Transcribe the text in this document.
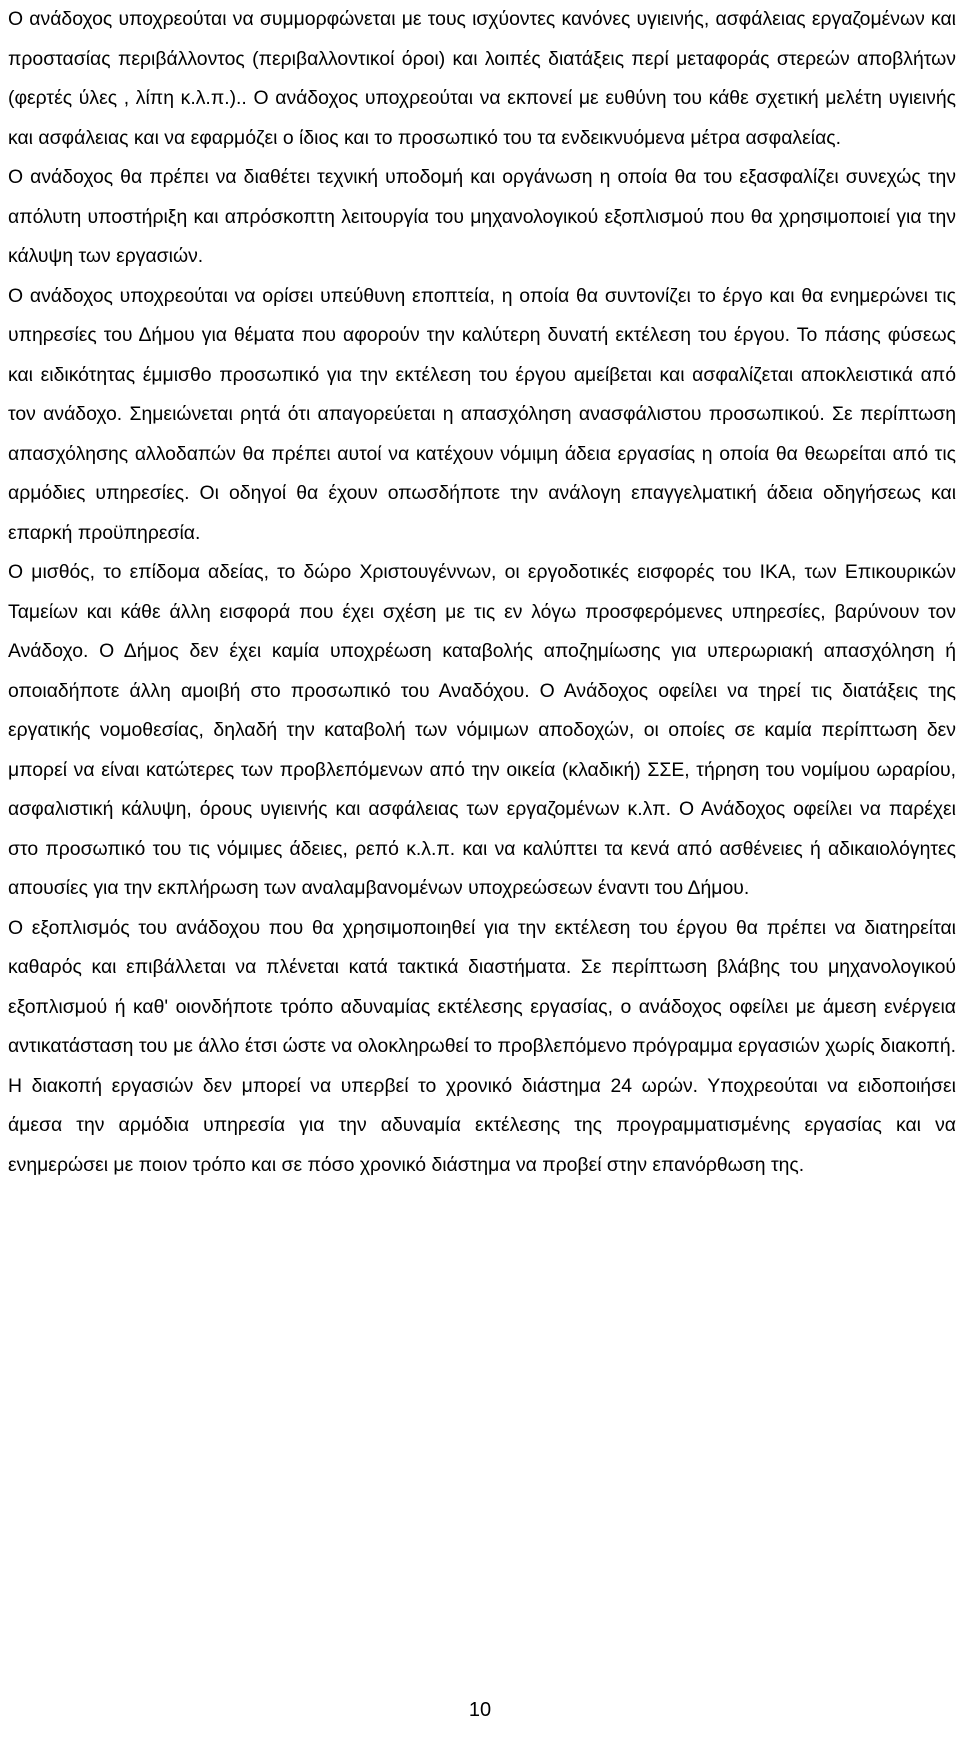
Ο ανάδοχος υποχρεούται να συμμορφώνεται με τους ισχύοντες κανόνες υγιεινής, ασφάλειας εργαζομένων και προστασίας περιβάλλοντος (περιβαλλοντικοί όροι) και λοιπές διατάξεις περί μεταφοράς στερεών αποβλήτων (φερτές ύλες , λίπη κ.λ.π.).. Ο ανάδοχος υποχρεούται να εκπονεί με ευθύνη του κάθε σχετική μελέτη υγιεινής και ασφάλειας και να εφαρμόζει ο ίδιος και το προσωπικό του τα ενδεικνυόμενα μέτρα ασφαλείας.

Ο ανάδοχος θα πρέπει να διαθέτει τεχνική υποδομή και οργάνωση η οποία θα του εξασφαλίζει συνεχώς την απόλυτη υποστήριξη και απρόσκοπτη λειτουργία του μηχανολογικού εξοπλισμού που θα χρησιμοποιεί για την κάλυψη των εργασιών.

Ο ανάδοχος υποχρεούται να ορίσει υπεύθυνη εποπτεία, η οποία θα συντονίζει το έργο και θα ενημερώνει τις υπηρεσίες του Δήμου για θέματα που αφορούν την καλύτερη δυνατή εκτέλεση του έργου. Το πάσης φύσεως και ειδικότητας έμμισθο προσωπικό για την εκτέλεση του έργου αμείβεται και ασφαλίζεται αποκλειστικά από τον ανάδοχο. Σημειώνεται ρητά ότι απαγορεύεται η απασχόληση ανασφάλιστου προσωπικού. Σε περίπτωση απασχόλησης αλλοδαπών θα πρέπει αυτοί να κατέχουν νόμιμη άδεια εργασίας η οποία θα θεωρείται από τις αρμόδιες υπηρεσίες. Οι οδηγοί θα έχουν οπωσδήποτε την ανάλογη επαγγελματική άδεια οδηγήσεως και επαρκή προϋπηρεσία.

Ο μισθός, το επίδομα αδείας, το δώρο Χριστουγέννων, οι εργοδοτικές εισφορές του ΙΚΑ, των Επικουρικών Ταμείων και κάθε άλλη εισφορά που έχει σχέση με τις εν λόγω προσφερόμενες υπηρεσίες, βαρύνουν τον Ανάδοχο. Ο Δήμος δεν έχει καμία υποχρέωση καταβολής αποζημίωσης για υπερωριακή απασχόληση ή οποιαδήποτε άλλη αμοιβή στο προσωπικό του Αναδόχου. Ο Ανάδοχος οφείλει να τηρεί τις διατάξεις της εργατικής νομοθεσίας, δηλαδή την καταβολή των νόμιμων αποδοχών, οι οποίες σε καμία περίπτωση δεν μπορεί να είναι κατώτερες των προβλεπόμενων από την οικεία (κλαδική) ΣΣΕ, τήρηση του νομίμου ωραρίου, ασφαλιστική κάλυψη, όρους υγιεινής και ασφάλειας των εργαζομένων κ.λπ. Ο Ανάδοχος οφείλει να παρέχει στο προσωπικό του τις νόμιμες άδειες, ρεπό κ.λ.π. και να καλύπτει τα κενά από ασθένειες ή αδικαιολόγητες απουσίες για την εκπλήρωση των αναλαμβανομένων υποχρεώσεων έναντι του Δήμου.

Ο εξοπλισμός του ανάδοχου που θα χρησιμοποιηθεί για την εκτέλεση του έργου θα πρέπει να διατηρείται καθαρός και επιβάλλεται να πλένεται κατά τακτικά διαστήματα. Σε περίπτωση βλάβης του μηχανολογικού εξοπλισμού ή καθ' οιονδήποτε τρόπο αδυναμίας εκτέλεσης εργασίας, ο ανάδοχος οφείλει με άμεση ενέργεια αντικατάσταση του με άλλο έτσι ώστε να ολοκληρωθεί το προβλεπόμενο πρόγραμμα εργασιών χωρίς διακοπή. Η διακοπή εργασιών δεν μπορεί να υπερβεί το χρονικό διάστημα 24 ωρών. Υποχρεούται να ειδοποιήσει άμεσα την αρμόδια υπηρεσία για την αδυναμία εκτέλεσης της προγραμματισμένης εργασίας και να ενημερώσει με ποιον τρόπο και σε πόσο χρονικό διάστημα να προβεί στην επανόρθωση της.

10
